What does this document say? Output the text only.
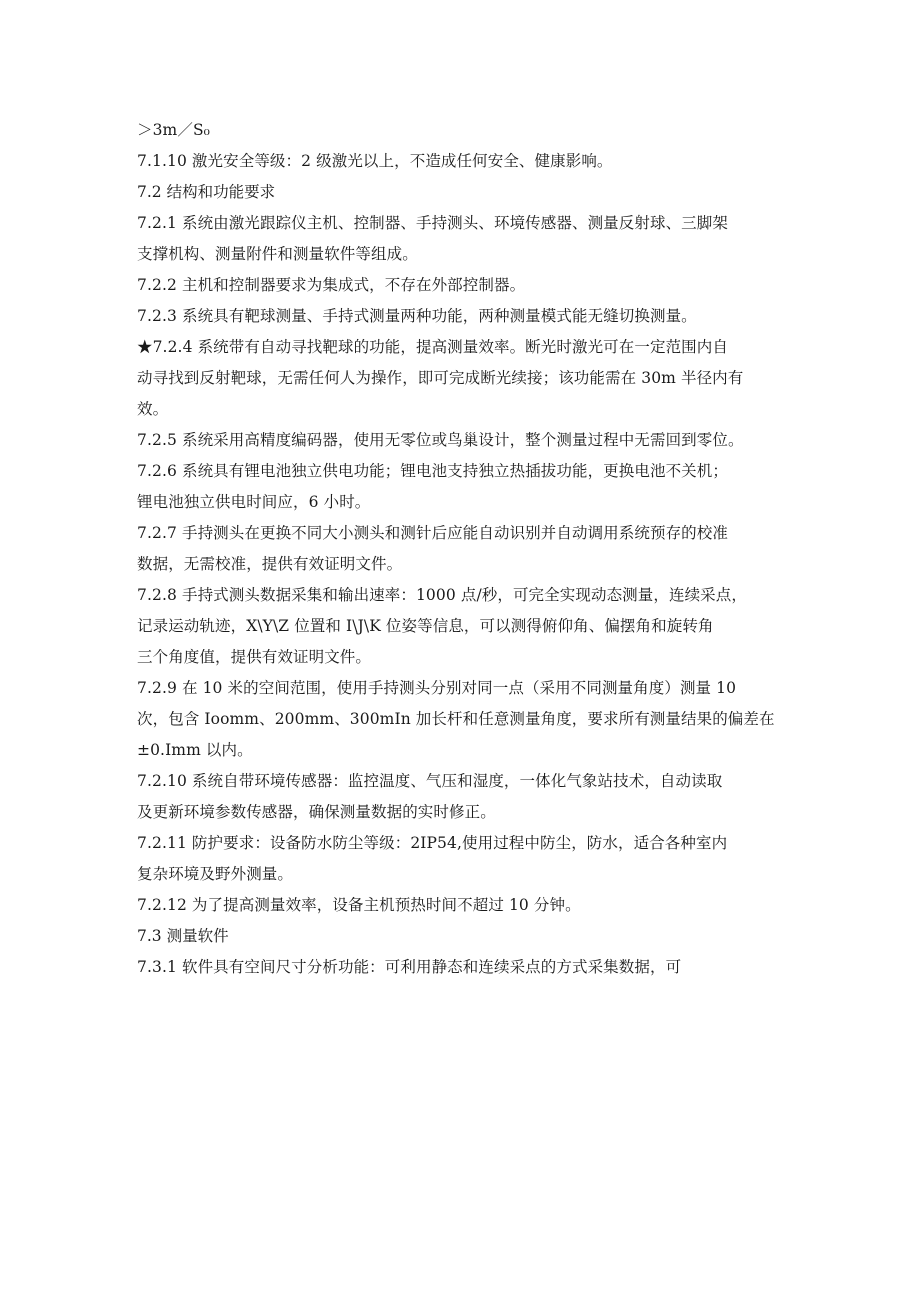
＞3m／S₀
7.1.10 激光安全等级：2 级激光以上，不造成任何安全、健康影响。
7.2 结构和功能要求
7.2.1 系统由激光跟踪仪主机、控制器、手持测头、环境传感器、测量反射球、三脚架
支撑机构、测量附件和测量软件等组成。
7.2.2 主机和控制器要求为集成式，不存在外部控制器。
7.2.3 系统具有靶球测量、手持式测量两种功能，两种测量模式能无缝切换测量。
★7.2.4 系统带有自动寻找靶球的功能，提高测量效率。断光时激光可在一定范围内自
动寻找到反射靶球，无需任何人为操作，即可完成断光续接；该功能需在 30m 半径内有
效。
7.2.5 系统采用高精度编码器，使用无零位或鸟巢设计，整个测量过程中无需回到零位。
7.2.6 系统具有锂电池独立供电功能；锂电池支持独立热插拔功能，更换电池不关机；
锂电池独立供电时间应，6 小时。
7.2.7 手持测头在更换不同大小测头和测针后应能自动识别并自动调用系统预存的校准
数据，无需校准，提供有效证明文件。
7.2.8 手持式测头数据采集和输出速率：1000 点/秒，可完全实现动态测量，连续采点，
记录运动轨迹，X\Y\Z 位置和 I\J\K 位姿等信息，可以测得俯仰角、偏摆角和旋转角
三个角度值，提供有效证明文件。
7.2.9 在 10 米的空间范围，使用手持测头分别对同一点（采用不同测量角度）测量 10
次，包含 Ioomm、200mm、300mIn 加长杆和任意测量角度，要求所有测量结果的偏差在
±0.Imm 以内。
7.2.10 系统自带环境传感器：监控温度、气压和湿度，一体化气象站技术，自动读取
及更新环境参数传感器，确保测量数据的实时修正。
7.2.11 防护要求：设备防水防尘等级：2IP54,使用过程中防尘，防水，适合各种室内
复杂环境及野外测量。
7.2.12 为了提高测量效率，设备主机预热时间不超过 10 分钟。
7.3 测量软件
7.3.1 软件具有空间尺寸分析功能：可利用静态和连续采点的方式采集数据，可
